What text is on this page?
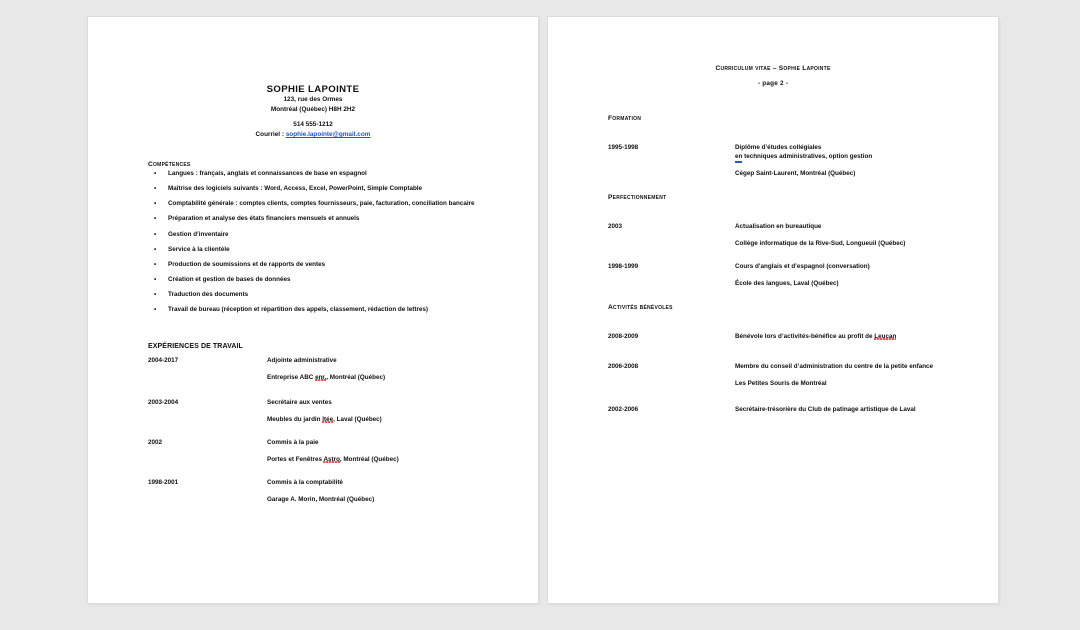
SOPHIE LAPOINTE
123, rue des Ormes
Montréal (Québec) H8H 2H2
514 555-1212
Courriel : sophie.lapointe@gmail.com
Compétences
• Langues : français, anglais et connaissances de base en espagnol
• Maîtrise des logiciels suivants : Word, Access, Excel, PowerPoint, Simple Comptable
• Comptabilité générale : comptes clients, comptes fournisseurs, paie, facturation, conciliation bancaire
• Préparation et analyse des états financiers mensuels et annuels
• Gestion d’inventaire
• Service à la clientèle
• Production de soumissions et de rapports de ventes
• Création et gestion de bases de données
• Traduction des documents
• Travail de bureau (réception et répartition des appels, classement, rédaction de lettres)
EXPÉRIENCES DE TRAVAIL
2004-2017	Adjointe administrative
Entreprise ABC enr., Montréal (Québec)
2003-2004	Secrétaire aux ventes
Meubles du jardin ltée, Laval (Québec)
2002	Commis à la paie
Portes et Fenêtres Astro, Montréal (Québec)
1998-2001	Commis à la comptabilité
Garage A. Morin, Montréal (Québec)
Curriculum vitae – Sophie Lapointe
- page 2 -
Formation
1995-1998	Diplôme d’études collégiales
en techniques administratives, option gestion
Cégep Saint-Laurent, Montréal (Québec)
Perfectionnement
2003	Actualisation en bureautique
Collège informatique de la Rive-Sud, Longueuil (Québec)
1998-1999	Cours d’anglais et d’espagnol (conversation)
École des langues, Laval (Québec)
Activités bénévoles
2008-2009	Bénévole lors d’activités-bénéfice au profit de Leucan
2006-2008	Membre du conseil d’administration du centre de la petite enfance
Les Petites Souris de Montréal
2002-2006	Secrétaire-trésorière du Club de patinage artistique de Laval
